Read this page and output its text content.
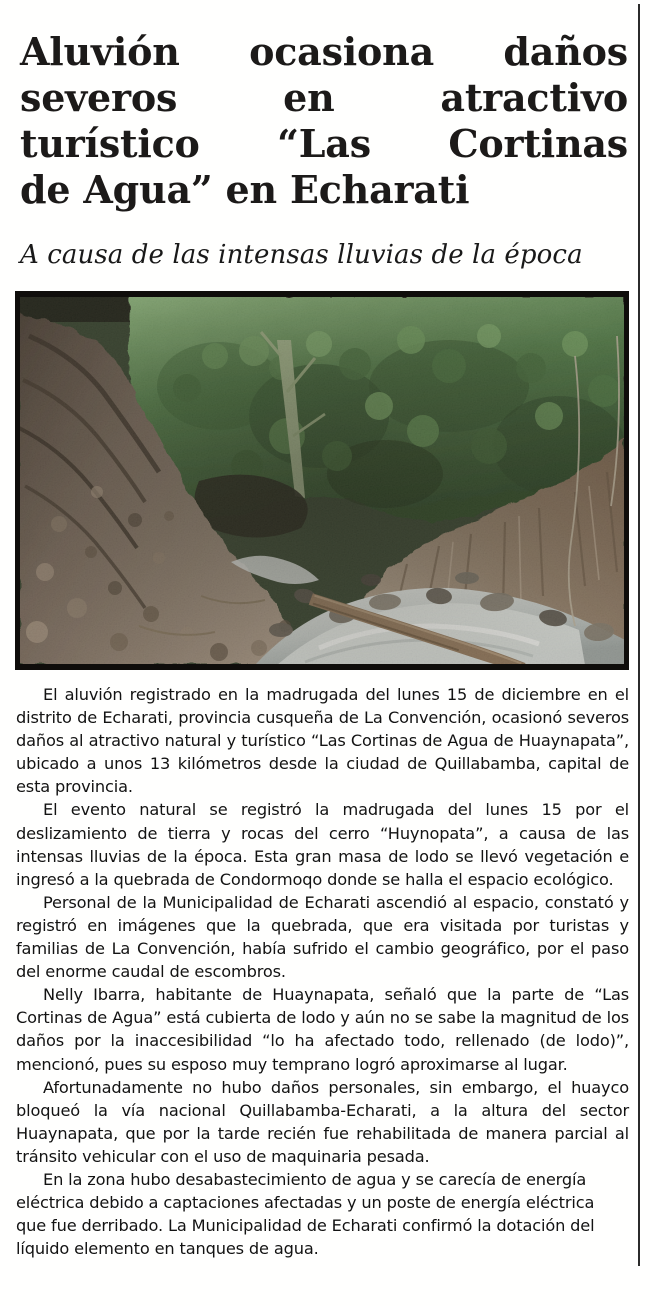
Aluvión ocasiona daños
severos	en	atractivo
turístico “Las Cortinas
de Agua” en Echarati
A causa de las intensas lluvias de la época

El aluvión registrado en la madrugada del lunes 15 de diciembre en el distrito de Echarati, provincia cusqueña de La Convención, ocasionó severos daños al atractivo natural y turístico “Las Cortinas de Agua de Huaynapata”, ubicado a unos 13 kilómetros desde la ciudad de Quillabamba, capital de esta provincia.

El evento natural se registró la madrugada del lunes 15 por el deslizamiento de tierra y rocas del cerro “Huynopata”, a causa de las intensas lluvias de la época. Esta gran masa de lodo se llevó vegetación e ingresó a la quebrada de Condormoqo donde se halla el espacio ecológico.

Personal de la Municipalidad de Echarati ascendió al espacio, constató y registró en imágenes que la quebrada, que era visitada por turistas y familias de La Convención, había sufrido el cambio geográfico, por el paso del enorme caudal de escombros.

Nelly Ibarra, habitante de Huaynapata, señaló que la parte de “Las Cortinas de Agua” está cubierta de lodo y aún no se sabe la magnitud de los daños por la inaccesibilidad “lo ha afectado todo, rellenado (de lodo)”, mencionó, pues su esposo muy temprano logró aproximarse al lugar.

Afortunadamente no hubo daños personales, sin embargo, el huayco bloqueó la vía nacional Quillabamba-Echarati, a la altura del sector Huaynapata, que por la tarde recién fue rehabilitada de manera parcial al tránsito vehicular con el uso de maquinaria pesada.

En la zona hubo desabastecimiento de agua y se carecía de energía eléctrica debido a captaciones afectadas y un poste de energía eléctrica que fue derribado. La Municipalidad de Echarati confirmó la dotación del líquido elemento en tanques de agua.
